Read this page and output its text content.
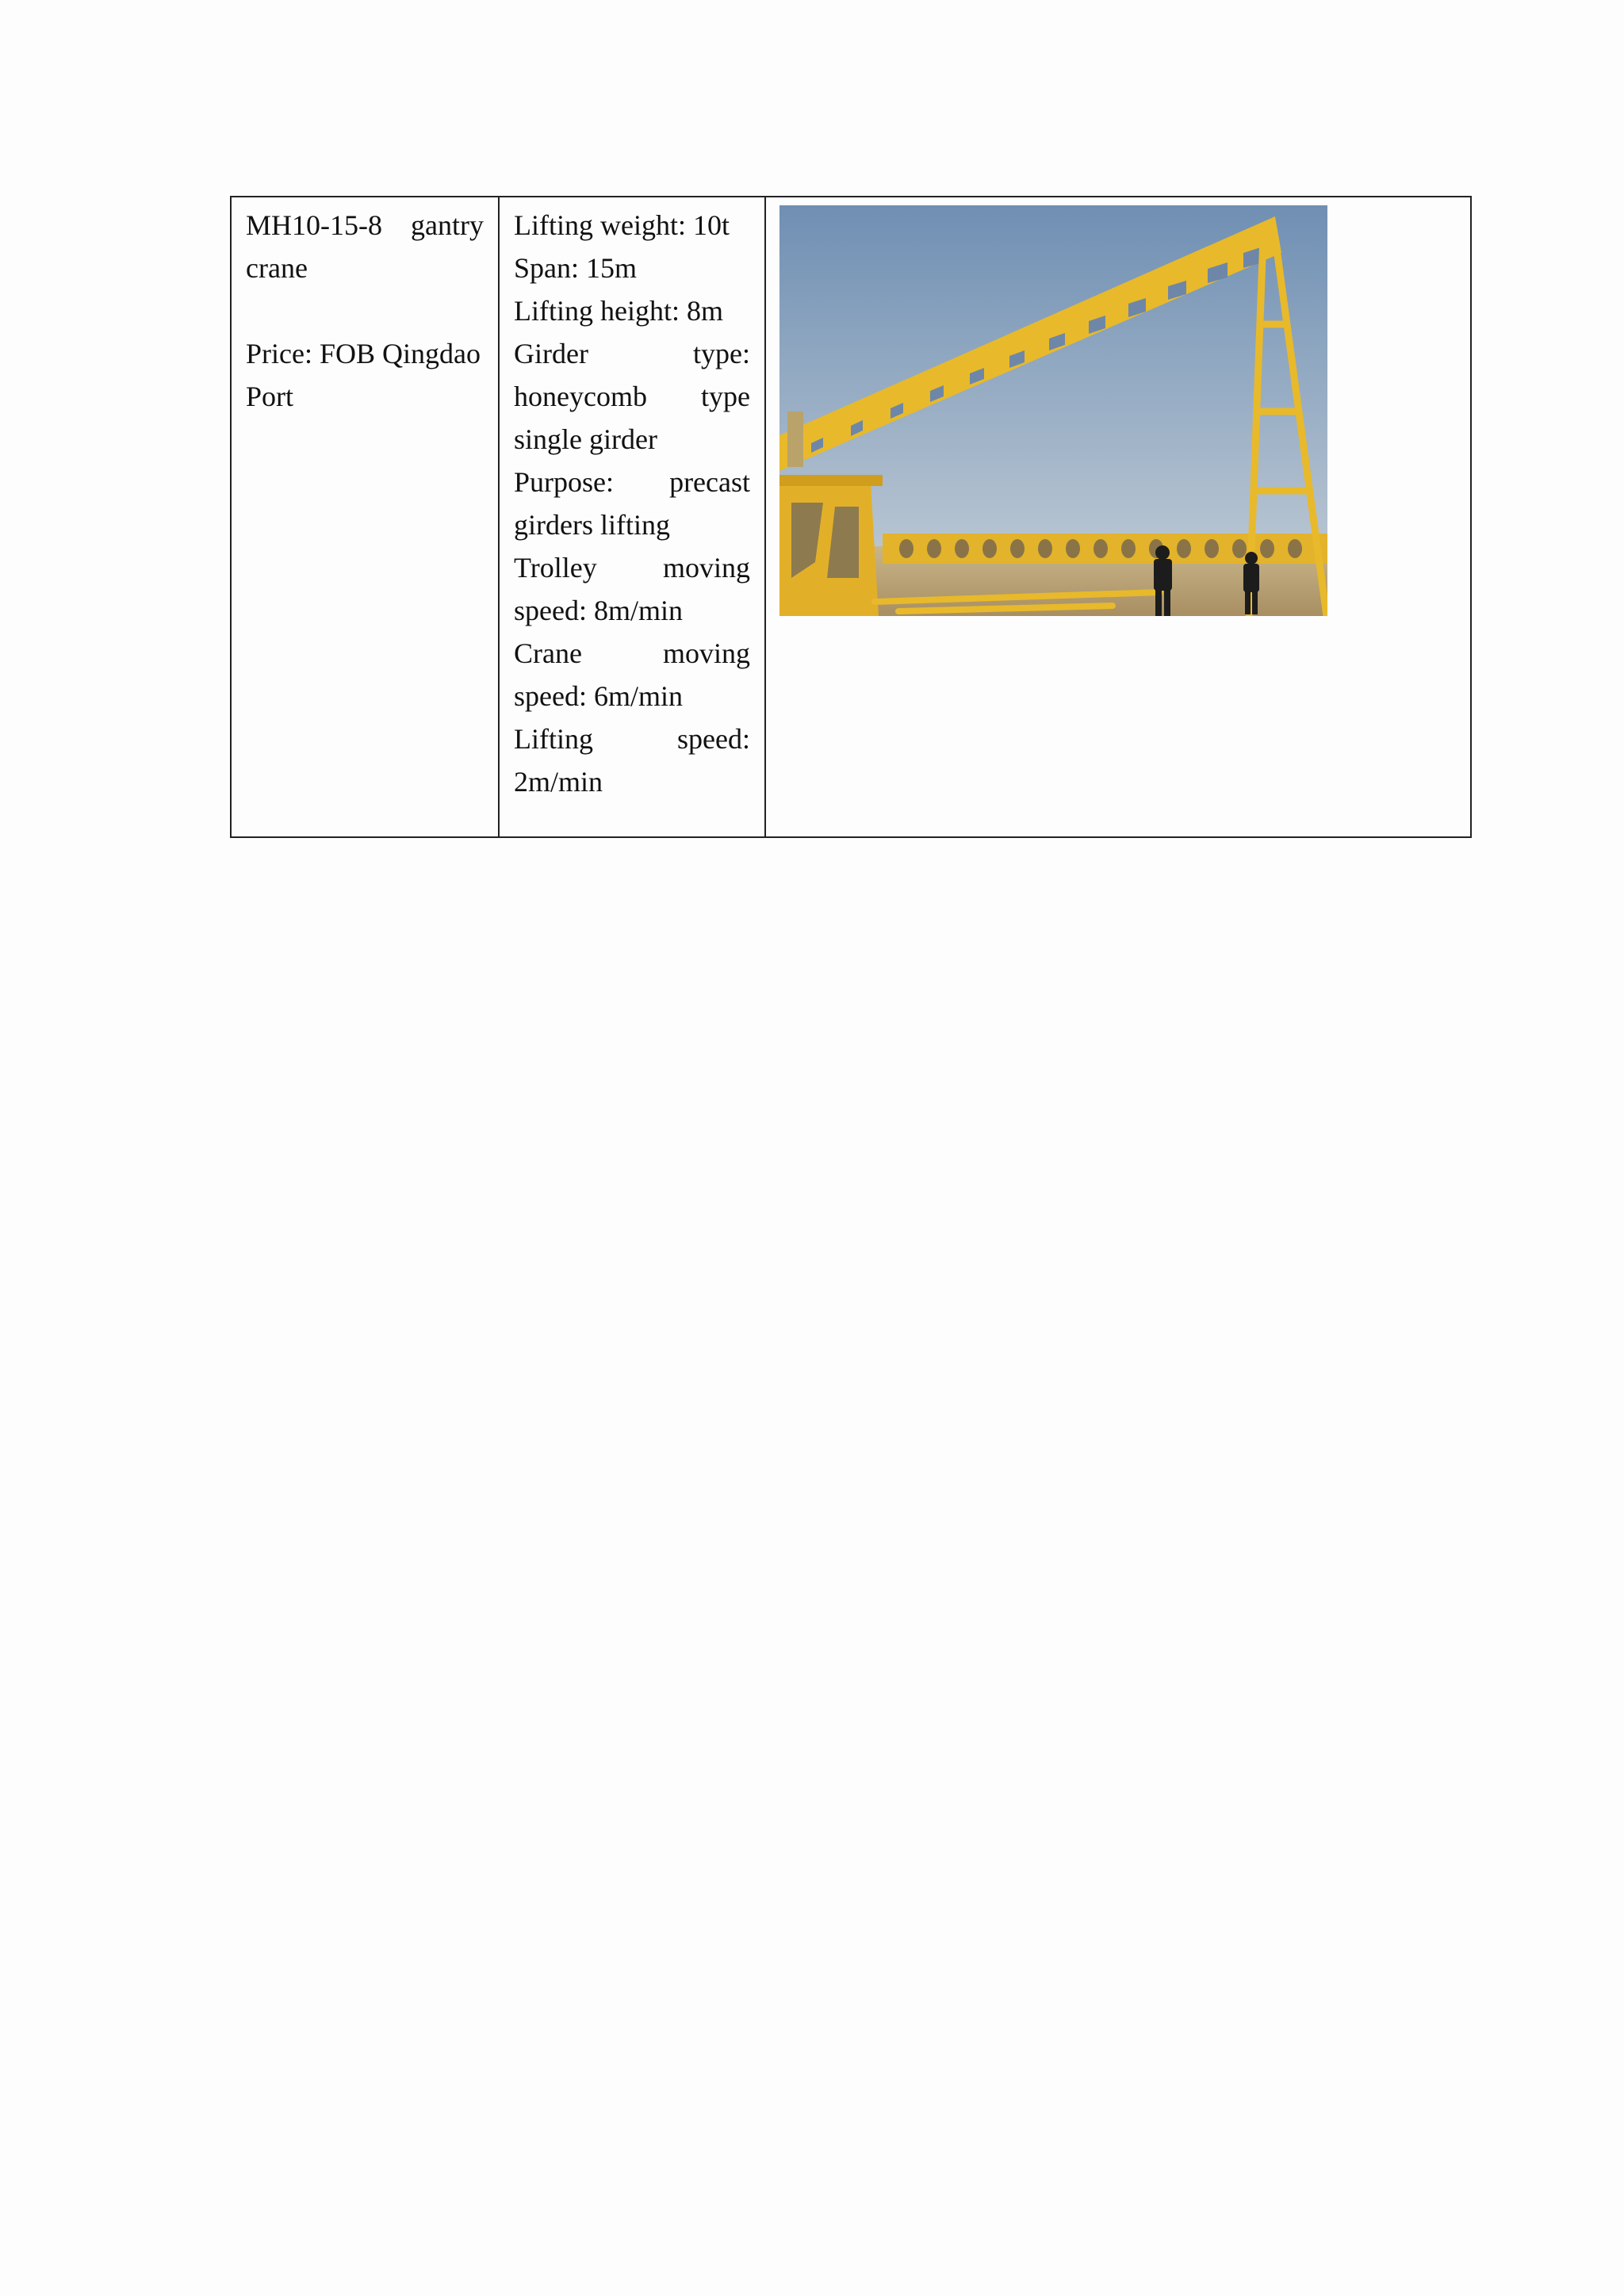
MH10-15-8 gantry
crane
Price: FOB Qingdao
Port

Lifting weight: 10t
Span: 15m
Lifting height: 8m
Girder	type:
honeycomb type
single girder
Purpose: precast
girders lifting
Trolley moving
speed: 8m/min
Crane	moving
speed: 6m/min
Lifting	speed:
2m/min
